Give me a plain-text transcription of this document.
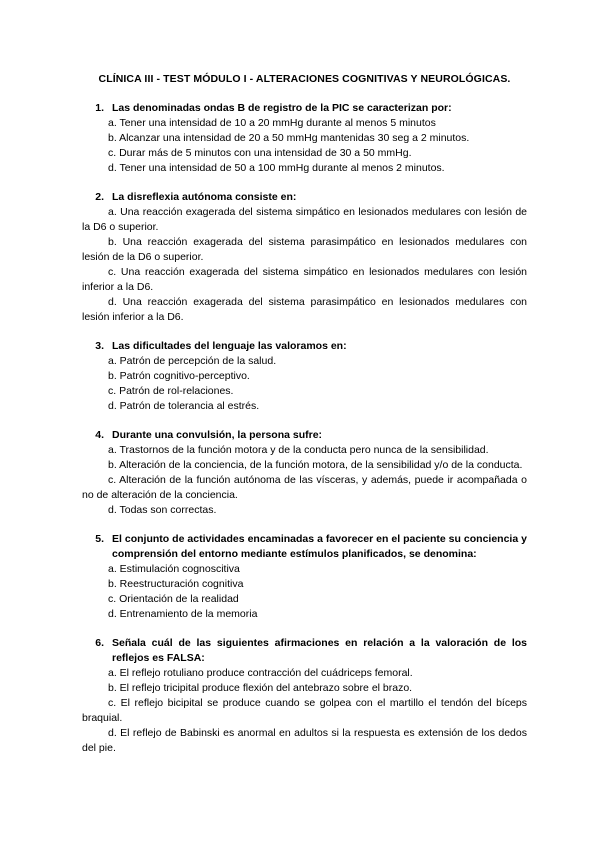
CLÍNICA III - TEST MÓDULO I - ALTERACIONES COGNITIVAS Y NEUROLÓGICAS.
1. Las denominadas ondas B de registro de la PIC se caracterizan por:
a. Tener una intensidad de 10 a 20 mmHg durante al menos 5 minutos
b. Alcanzar una intensidad de 20 a 50 mmHg mantenidas 30 seg a 2 minutos.
c. Durar más de 5 minutos con una intensidad de 30 a 50 mmHg.
d. Tener una intensidad de 50 a 100 mmHg durante al menos 2 minutos.
2. La disreflexia autónoma consiste en:
a. Una reacción exagerada del sistema simpático en lesionados medulares con lesión de la D6 o superior.
b. Una reacción exagerada del sistema parasimpático en lesionados medulares con lesión de la D6 o superior.
c. Una reacción exagerada del sistema simpático en lesionados medulares con lesión inferior a la D6.
d. Una reacción exagerada del sistema parasimpático en lesionados medulares con lesión inferior a la D6.
3. Las dificultades del lenguaje las valoramos en:
a. Patrón de percepción de la salud.
b. Patrón cognitivo-perceptivo.
c. Patrón de rol-relaciones.
d. Patrón de tolerancia al estrés.
4. Durante una convulsión, la persona sufre:
a. Trastornos de la función motora y de la conducta pero nunca de la sensibilidad.
b. Alteración de la conciencia, de la función motora, de la sensibilidad y/o de la conducta.
c. Alteración de la función autónoma de las vísceras, y además, puede ir acompañada o no de alteración de la conciencia.
d. Todas son correctas.
5. El conjunto de actividades encaminadas a favorecer en el paciente su conciencia y comprensión del entorno mediante estímulos planificados, se denomina:
a. Estimulación cognoscitiva
b. Reestructuración cognitiva
c. Orientación de la realidad
d. Entrenamiento de la memoria
6. Señala cuál de las siguientes afirmaciones en relación a la valoración de los reflejos es FALSA:
a. El reflejo rotuliano produce contracción del cuádriceps femoral.
b. El reflejo tricipital produce flexión del antebrazo sobre el brazo.
c. El reflejo bicipital se produce cuando se golpea con el martillo el tendón del bíceps braquial.
d. El reflejo de Babinski es anormal en adultos si la respuesta es extensión de los dedos del pie.
